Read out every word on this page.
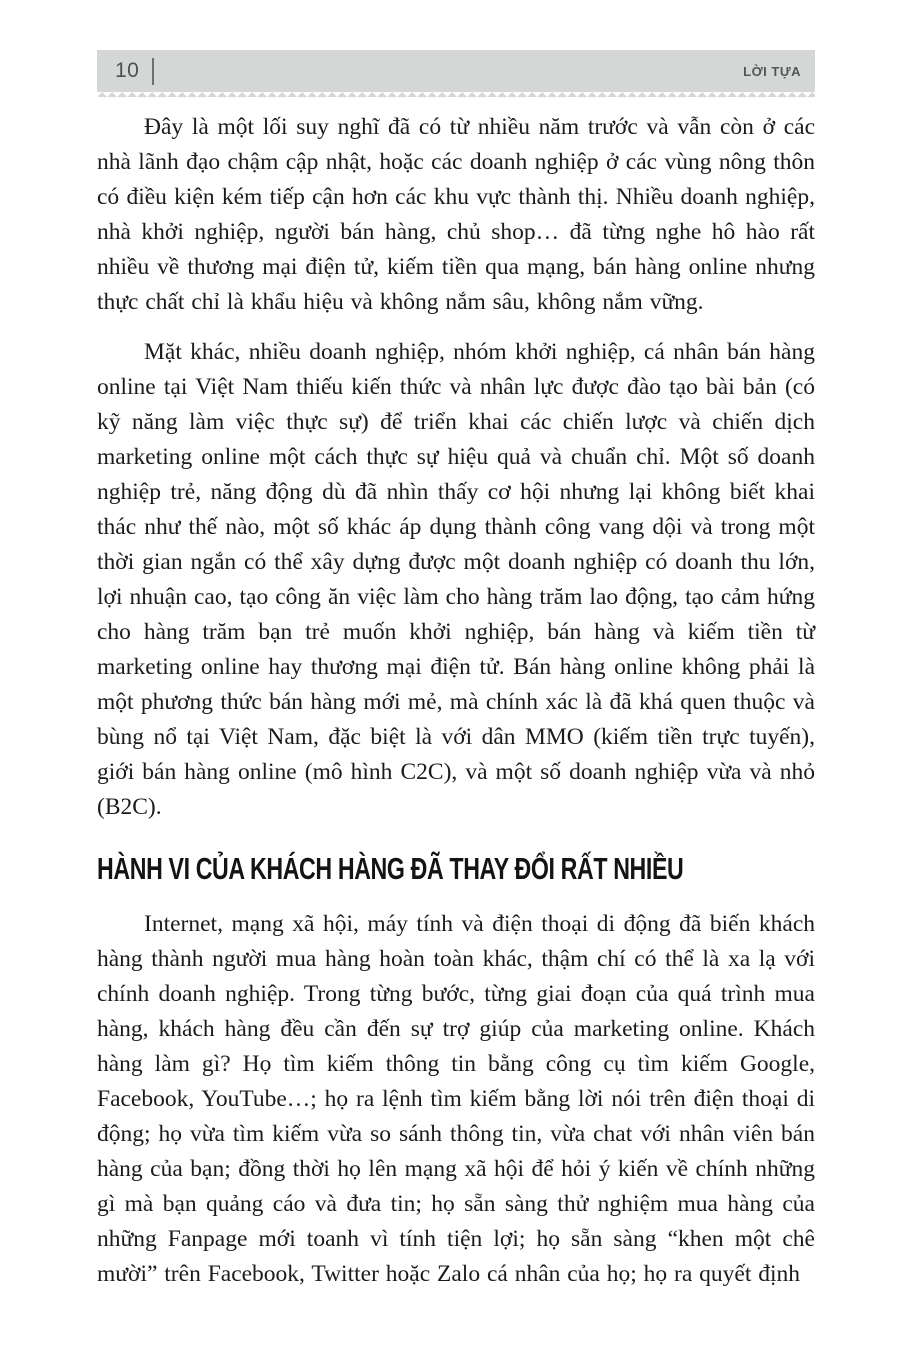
10	LỜI TỰA

Đây là một lối suy nghĩ đã có từ nhiều năm trước và vẫn còn ở các nhà lãnh đạo chậm cập nhật, hoặc các doanh nghiệp ở các vùng nông thôn có điều kiện kém tiếp cận hơn các khu vực thành thị. Nhiều doanh nghiệp, nhà khởi nghiệp, người bán hàng, chủ shop… đã từng nghe hô hào rất nhiều về thương mại điện tử, kiếm tiền qua mạng, bán hàng online nhưng thực chất chỉ là khẩu hiệu và không nắm sâu, không nắm vững.

Mặt khác, nhiều doanh nghiệp, nhóm khởi nghiệp, cá nhân bán hàng online tại Việt Nam thiếu kiến thức và nhân lực được đào tạo bài bản (có kỹ năng làm việc thực sự) để triển khai các chiến lược và chiến dịch marketing online một cách thực sự hiệu quả và chuẩn chỉ. Một số doanh nghiệp trẻ, năng động dù đã nhìn thấy cơ hội nhưng lại không biết khai thác như thế nào, một số khác áp dụng thành công vang dội và trong một thời gian ngắn có thể xây dựng được một doanh nghiệp có doanh thu lớn, lợi nhuận cao, tạo công ăn việc làm cho hàng trăm lao động, tạo cảm hứng cho hàng trăm bạn trẻ muốn khởi nghiệp, bán hàng và kiếm tiền từ marketing online hay thương mại điện tử. Bán hàng online không phải là một phương thức bán hàng mới mẻ, mà chính xác là đã khá quen thuộc và bùng nổ tại Việt Nam, đặc biệt là với dân MMO (kiếm tiền trực tuyến), giới bán hàng online (mô hình C2C), và một số doanh nghiệp vừa và nhỏ (B2C).

HÀNH VI CỦA KHÁCH HÀNG ĐÃ THAY ĐỔI RẤT NHIỀU

Internet, mạng xã hội, máy tính và điện thoại di động đã biến khách hàng thành người mua hàng hoàn toàn khác, thậm chí có thể là xa lạ với chính doanh nghiệp. Trong từng bước, từng giai đoạn của quá trình mua hàng, khách hàng đều cần đến sự trợ giúp của marketing online. Khách hàng làm gì? Họ tìm kiếm thông tin bằng công cụ tìm kiếm Google, Facebook, YouTube…; họ ra lệnh tìm kiếm bằng lời nói trên điện thoại di động; họ vừa tìm kiếm vừa so sánh thông tin, vừa chat với nhân viên bán hàng của bạn; đồng thời họ lên mạng xã hội để hỏi ý kiến về chính những gì mà bạn quảng cáo và đưa tin; họ sẵn sàng thử nghiệm mua hàng của những Fanpage mới toanh vì tính tiện lợi; họ sẵn sàng “khen một chê mười” trên Facebook, Twitter hoặc Zalo cá nhân của họ; họ ra quyết định
